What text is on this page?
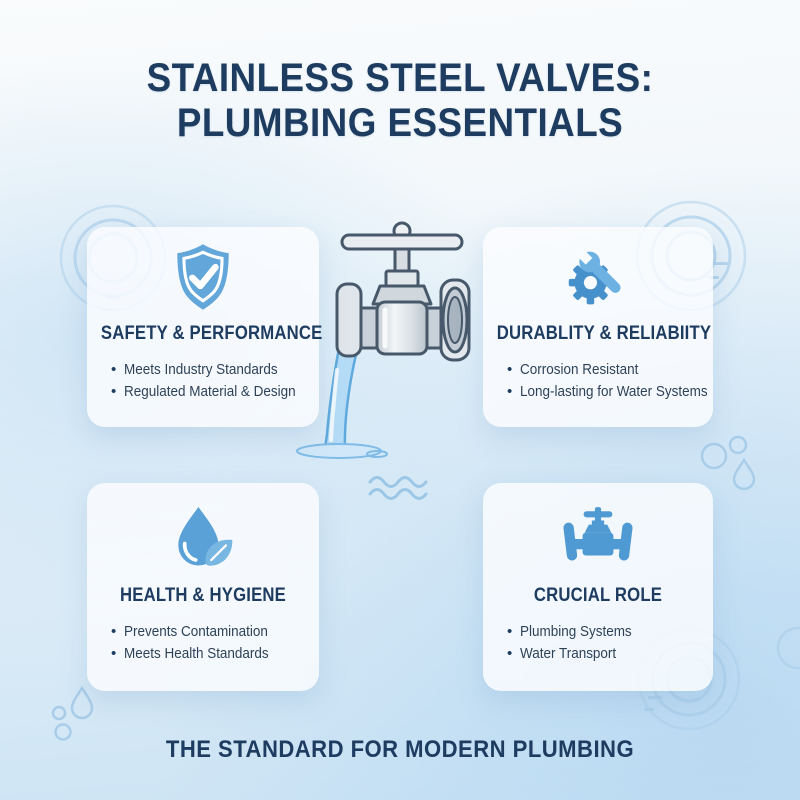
STAINLESS STEEL VALVES:
PLUMBING ESSENTIALS
SAFETY & PERFORMANCE
• Meets Industry Standards
• Regulated Material & Design
DURABLITY & RELIABIITY
• Corrosion Resistant
• Long-lasting for Water Systems
HEALTH & HYGIENE
• Prevents Contamination
• Meets Health Standards
CRUCIAL ROLE
• Plumbing Systems
• Water Transport
THE STANDARD FOR MODERN PLUMBING
